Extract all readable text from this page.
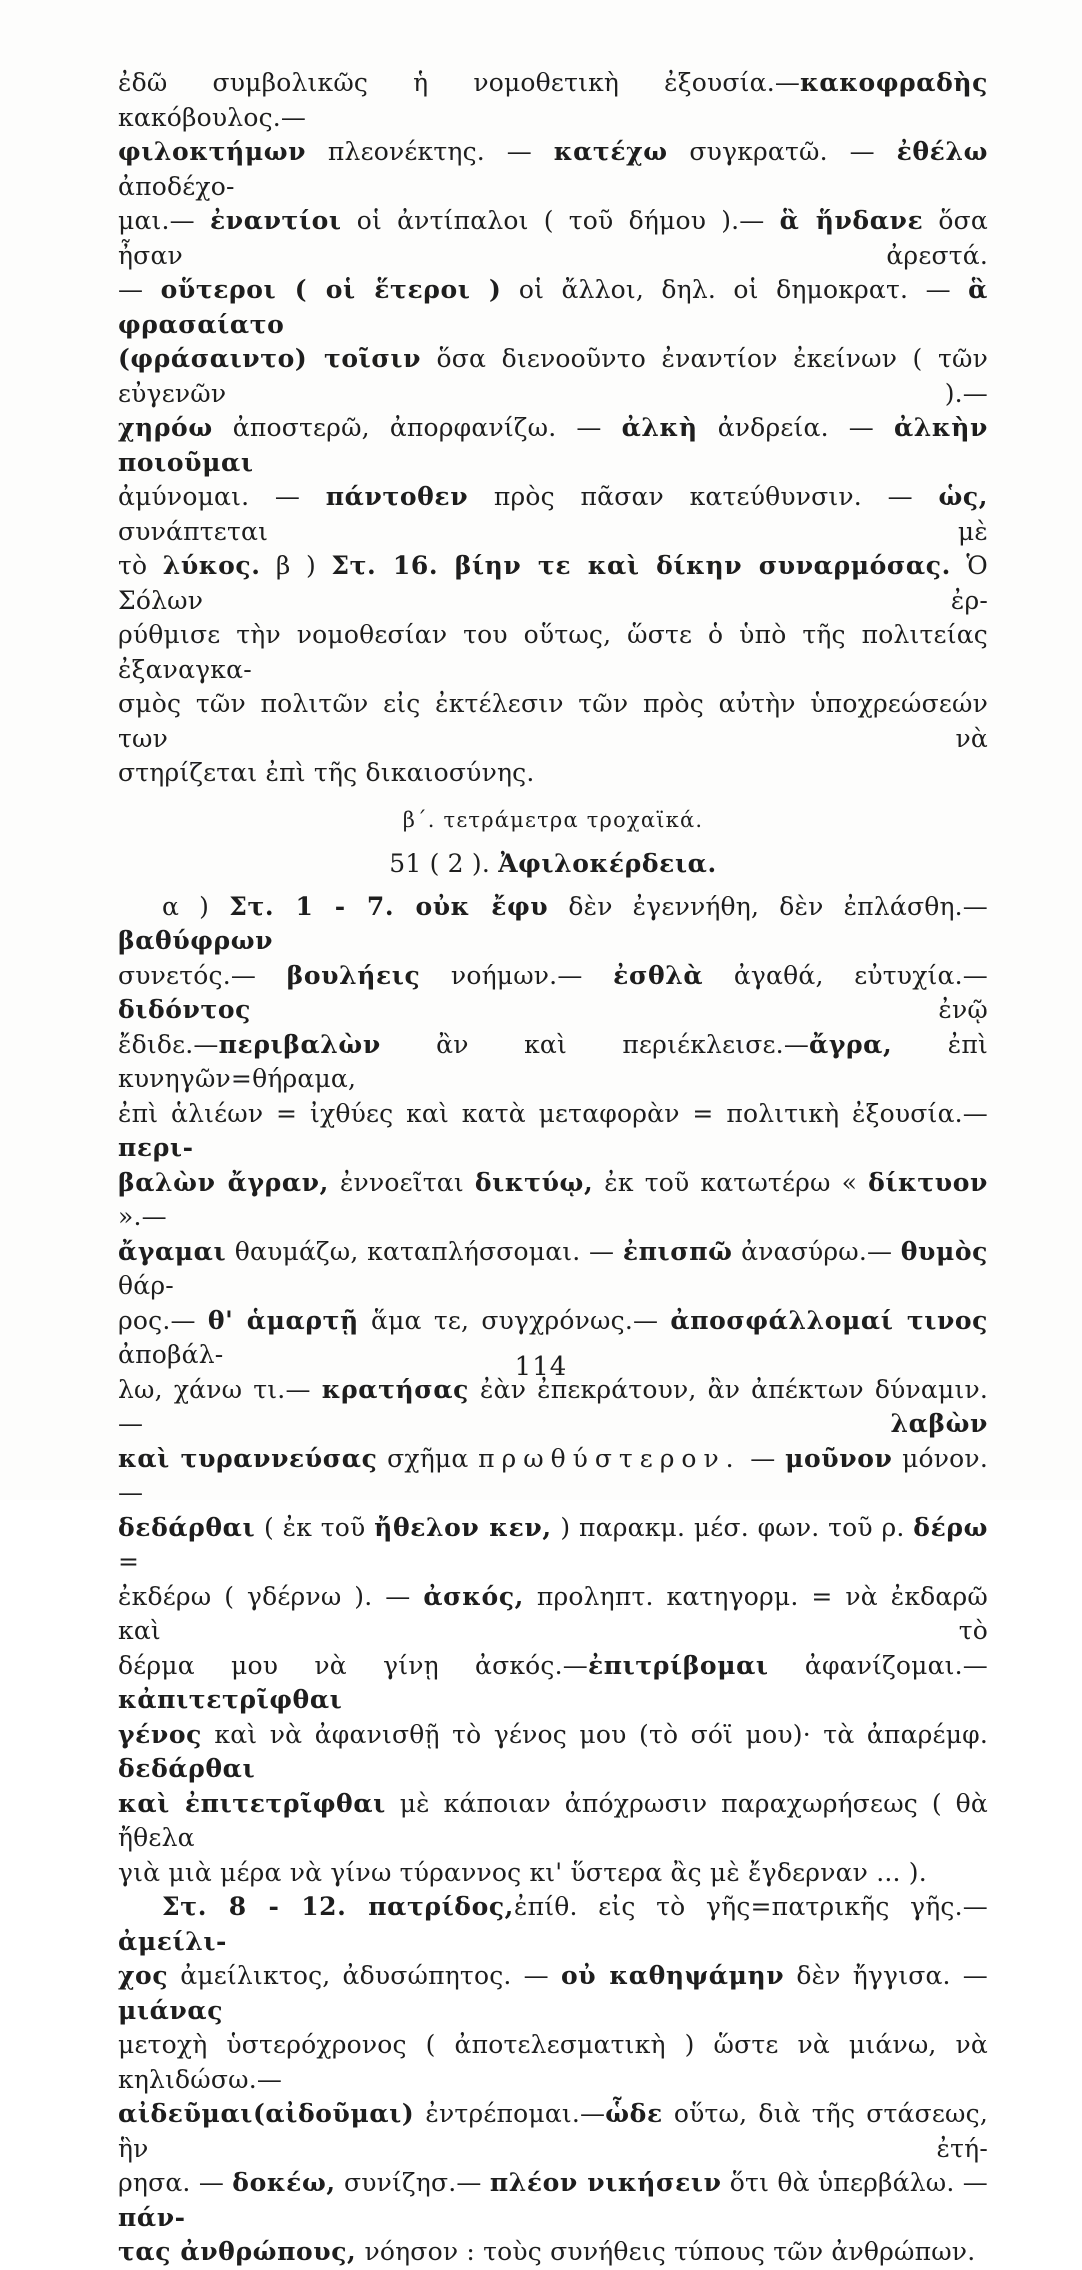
ἐδῶ συμβολικῶς ἡ νομοθετικὴ ἐξουσία.—κακοφραδὴς κακόβουλος.—

φιλοκτήμων πλεονέκτης. — κατέχω συγκρατῶ. — ἐθέλω ἀποδέχο-

μαι.— ἐναντίοι οἱ ἀντίπαλοι ( τοῦ δήμου ).— ἃ ἥνδανε ὅσα ἦσαν ἀρεστά.

— οὕτεροι ( οἱ ἕτεροι ) οἱ ἄλλοι, δηλ. οἱ δημοκρατ. — ἃ φρασαίατο

(φράσαιντο) τοῖσιν ὅσα διενοοῦντο ἐναντίον ἐκείνων ( τῶν εὐγενῶν ).—

χηρόω ἀποστερῶ, ἀπορφανίζω. — ἀλκὴ ἀνδρεία. — ἀλκὴν ποιοῦμαι

ἀμύνομαι. — πάντοθεν πρὸς πᾶσαν κατεύθυνσιν. — ὡς, συνάπτεται μὲ

τὸ λύκος. β ) Στ. 16. βίην τε καὶ δίκην συναρμόσας. Ὁ Σόλων ἐρ-

ρύθμισε τὴν νομοθεσίαν του οὕτως, ὥστε ὁ ὑπὸ τῆς πολιτείας ἐξαναγκα-

σμὸς τῶν πολιτῶν εἰς ἐκτέλεσιν τῶν πρὸς αὐτὴν ὑποχρεώσεών των νὰ

στηρίζεται ἐπὶ τῆς δικαιοσύνης.

β΄. τετράμετρα τροχαϊκά.

51 ( 2 ). Ἀφιλοκέρδεια.

α ) Στ. 1 - 7. οὐκ ἔφυ δὲν ἐγεννήθη, δὲν ἐπλάσθη.— βαθύφρων

συνετός.— βουλήεις νοήμων.— ἐσθλὰ ἀγαθά, εὐτυχία.— διδόντος ἐνῷ

ἔδιδε.—περιβαλὼν ἂν καὶ περιέκλεισε.—ἄγρα, ἐπὶ κυνηγῶν=θήραμα,

ἐπὶ ἁλιέων = ἰχθύες καὶ κατὰ μεταφορὰν = πολιτικὴ ἐξουσία.— περι-

βαλὼν ἄγραν, ἐννοεῖται δικτύῳ, ἐκ τοῦ κατωτέρω « δίκτυον ».—

ἄγαμαι θαυμάζω, καταπλήσσομαι. — ἐπισπῶ ἀνασύρω.— θυμὸς θάρ-

ρος.— θ' ἁμαρτῇ ἅμα τε, συγχρόνως.— ἀποσφάλλομαί τινος ἀποβάλ-

λω, χάνω τι.— κρατήσας ἐὰν ἐπεκράτουν, ἂν ἀπέκτων δύναμιν.— λαβὼν

καὶ τυραννεύσας σχῆμα πρωθύστερον. — μοῦνον μόνον. —

δεδάρθαι ( ἐκ τοῦ ἤθελον κεν, ) παρακμ. μέσ. φων. τοῦ ρ. δέρω =

ἐκδέρω ( γδέρνω ). — ἀσκός, προληπτ. κατηγορμ. = νὰ ἐκδαρῶ καὶ τὸ

δέρμα μου νὰ γίνῃ ἀσκός.—ἐπιτρίβομαι ἀφανίζομαι.—κἀπιτετρῖφθαι

γένος καὶ νὰ ἀφανισθῇ τὸ γένος μου (τὸ σόϊ μου)· τὰ ἀπαρέμφ. δεδάρθαι

καὶ ἐπιτετρῖφθαι μὲ κάποιαν ἀπόχρωσιν παραχωρήσεως ( θὰ ἤθελα

γιὰ μιὰ μέρα νὰ γίνω τύραννος κι' ὕστερα ἂς μὲ ἔγδερναν ... ).

Στ. 8 - 12. πατρίδος,ἐπίθ. εἰς τὸ γῆς=πατρικῆς γῆς.— ἀμείλι-

χος ἀμείλικτος, ἀδυσώπητος. — οὐ καθηψάμην δὲν ἤγγισα. — μιάνας

μετοχὴ ὑστερόχρονος ( ἀποτελεσματικὴ ) ὥστε νὰ μιάνω, νὰ κηλιδώσω.—

αἰδεῦμαι(αἰδοῦμαι) ἐντρέπομαι.—ὧδε οὕτω, διὰ τῆς στάσεως, ἣν ἐτή-

ρησα. — δοκέω, συνίζησ.— πλέον νικήσειν ὅτι θὰ ὑπερβάλω. — πάν-

τας ἀνθρώπους, νόησον : τοὺς συνήθεις τύπους τῶν ἀνθρώπων.

114
